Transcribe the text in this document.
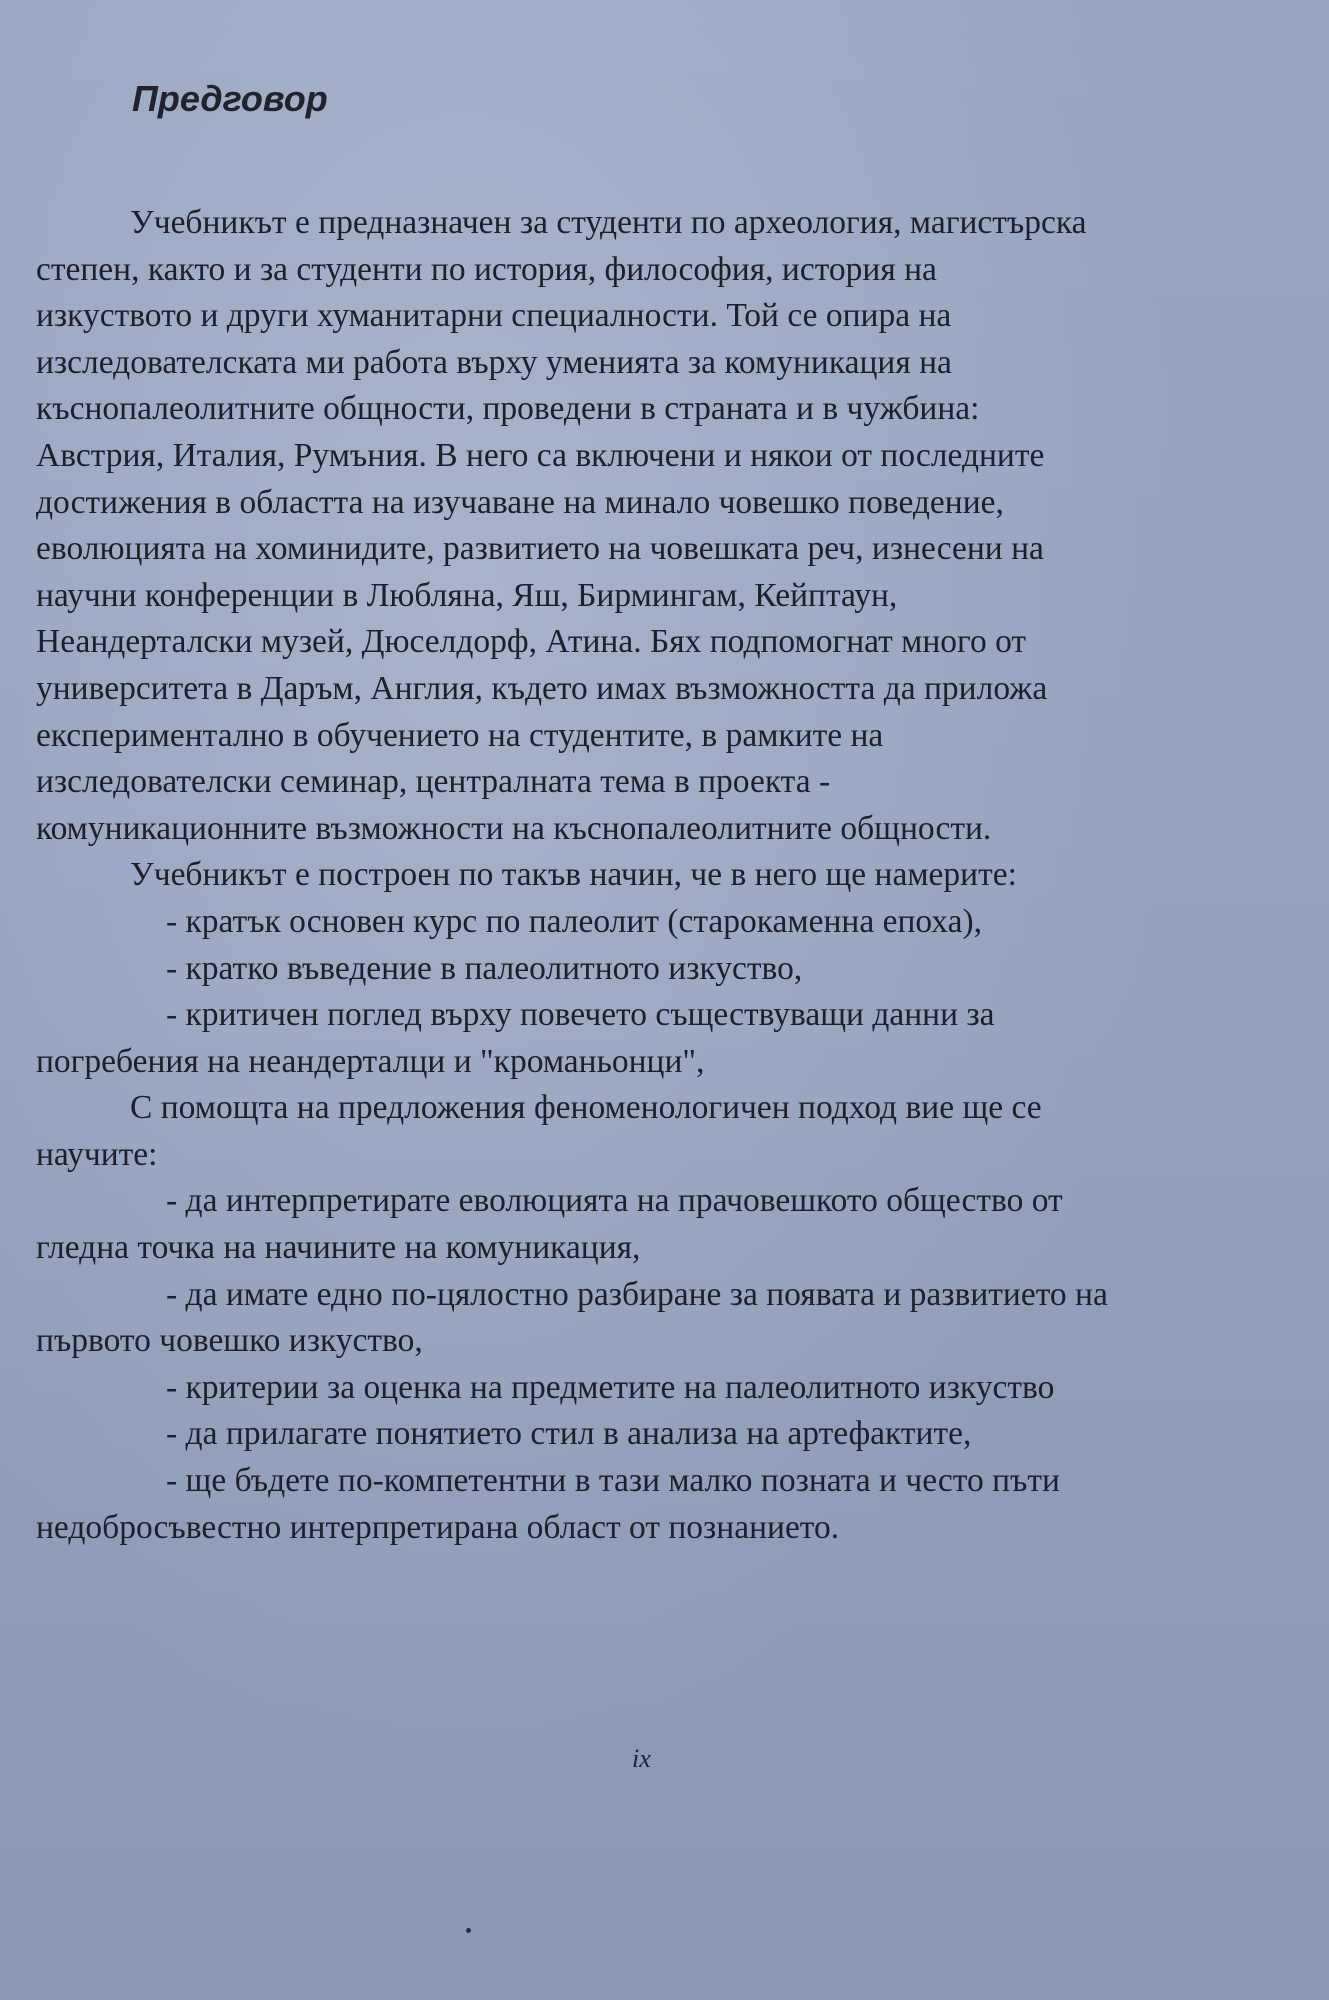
Предговор
Учебникът е предназначен за студенти по археология, магистърска
степен, както и за студенти по история, философия, история на
изкуството и други хуманитарни специалности. Той се опира на
изследователската ми работа върху уменията за комуникация на
къснопалеолитните общности, проведени в страната и в чужбина:
Австрия, Италия, Румъния. В него са включени и някои от последните
достижения в областта на изучаване на минало човешко поведение,
еволюцията на хоминидите, развитието на човешката реч, изнесени на
научни конференции в Любляна, Яш, Бирмингам, Кейптаун,
Неандерталски музей, Дюселдорф, Атина. Бях подпомогнат много от
университета в Даръм, Англия, където имах възможността да приложа
експериментално в обучението на студентите, в рамките на
изследователски семинар, централната тема в проекта -
комуникационните възможности на къснопалеолитните общности.
Учебникът е построен по такъв начин, че в него ще намерите:
- кратък основен курс по палеолит (старокаменна епоха),
- кратко въведение в палеолитното изкуство,
- критичен поглед върху повечето съществуващи данни за
погребения на неандерталци и "кроманьонци",
С помощта на предложения феноменологичен подход вие ще се
научите:
- да интерпретирате еволюцията на прачовешкото общество от
гледна точка на начините на комуникация,
- да имате едно по-цялостно разбиране за появата и развитието на
първото човешко изкуство,
- критерии за оценка на предметите на палеолитното изкуство
- да прилагате понятието стил в анализа на артефактите,
- ще бъдете по-компетентни в тази малко позната и често пъти
недобросъвестно интерпретирана област от познанието.
ix
